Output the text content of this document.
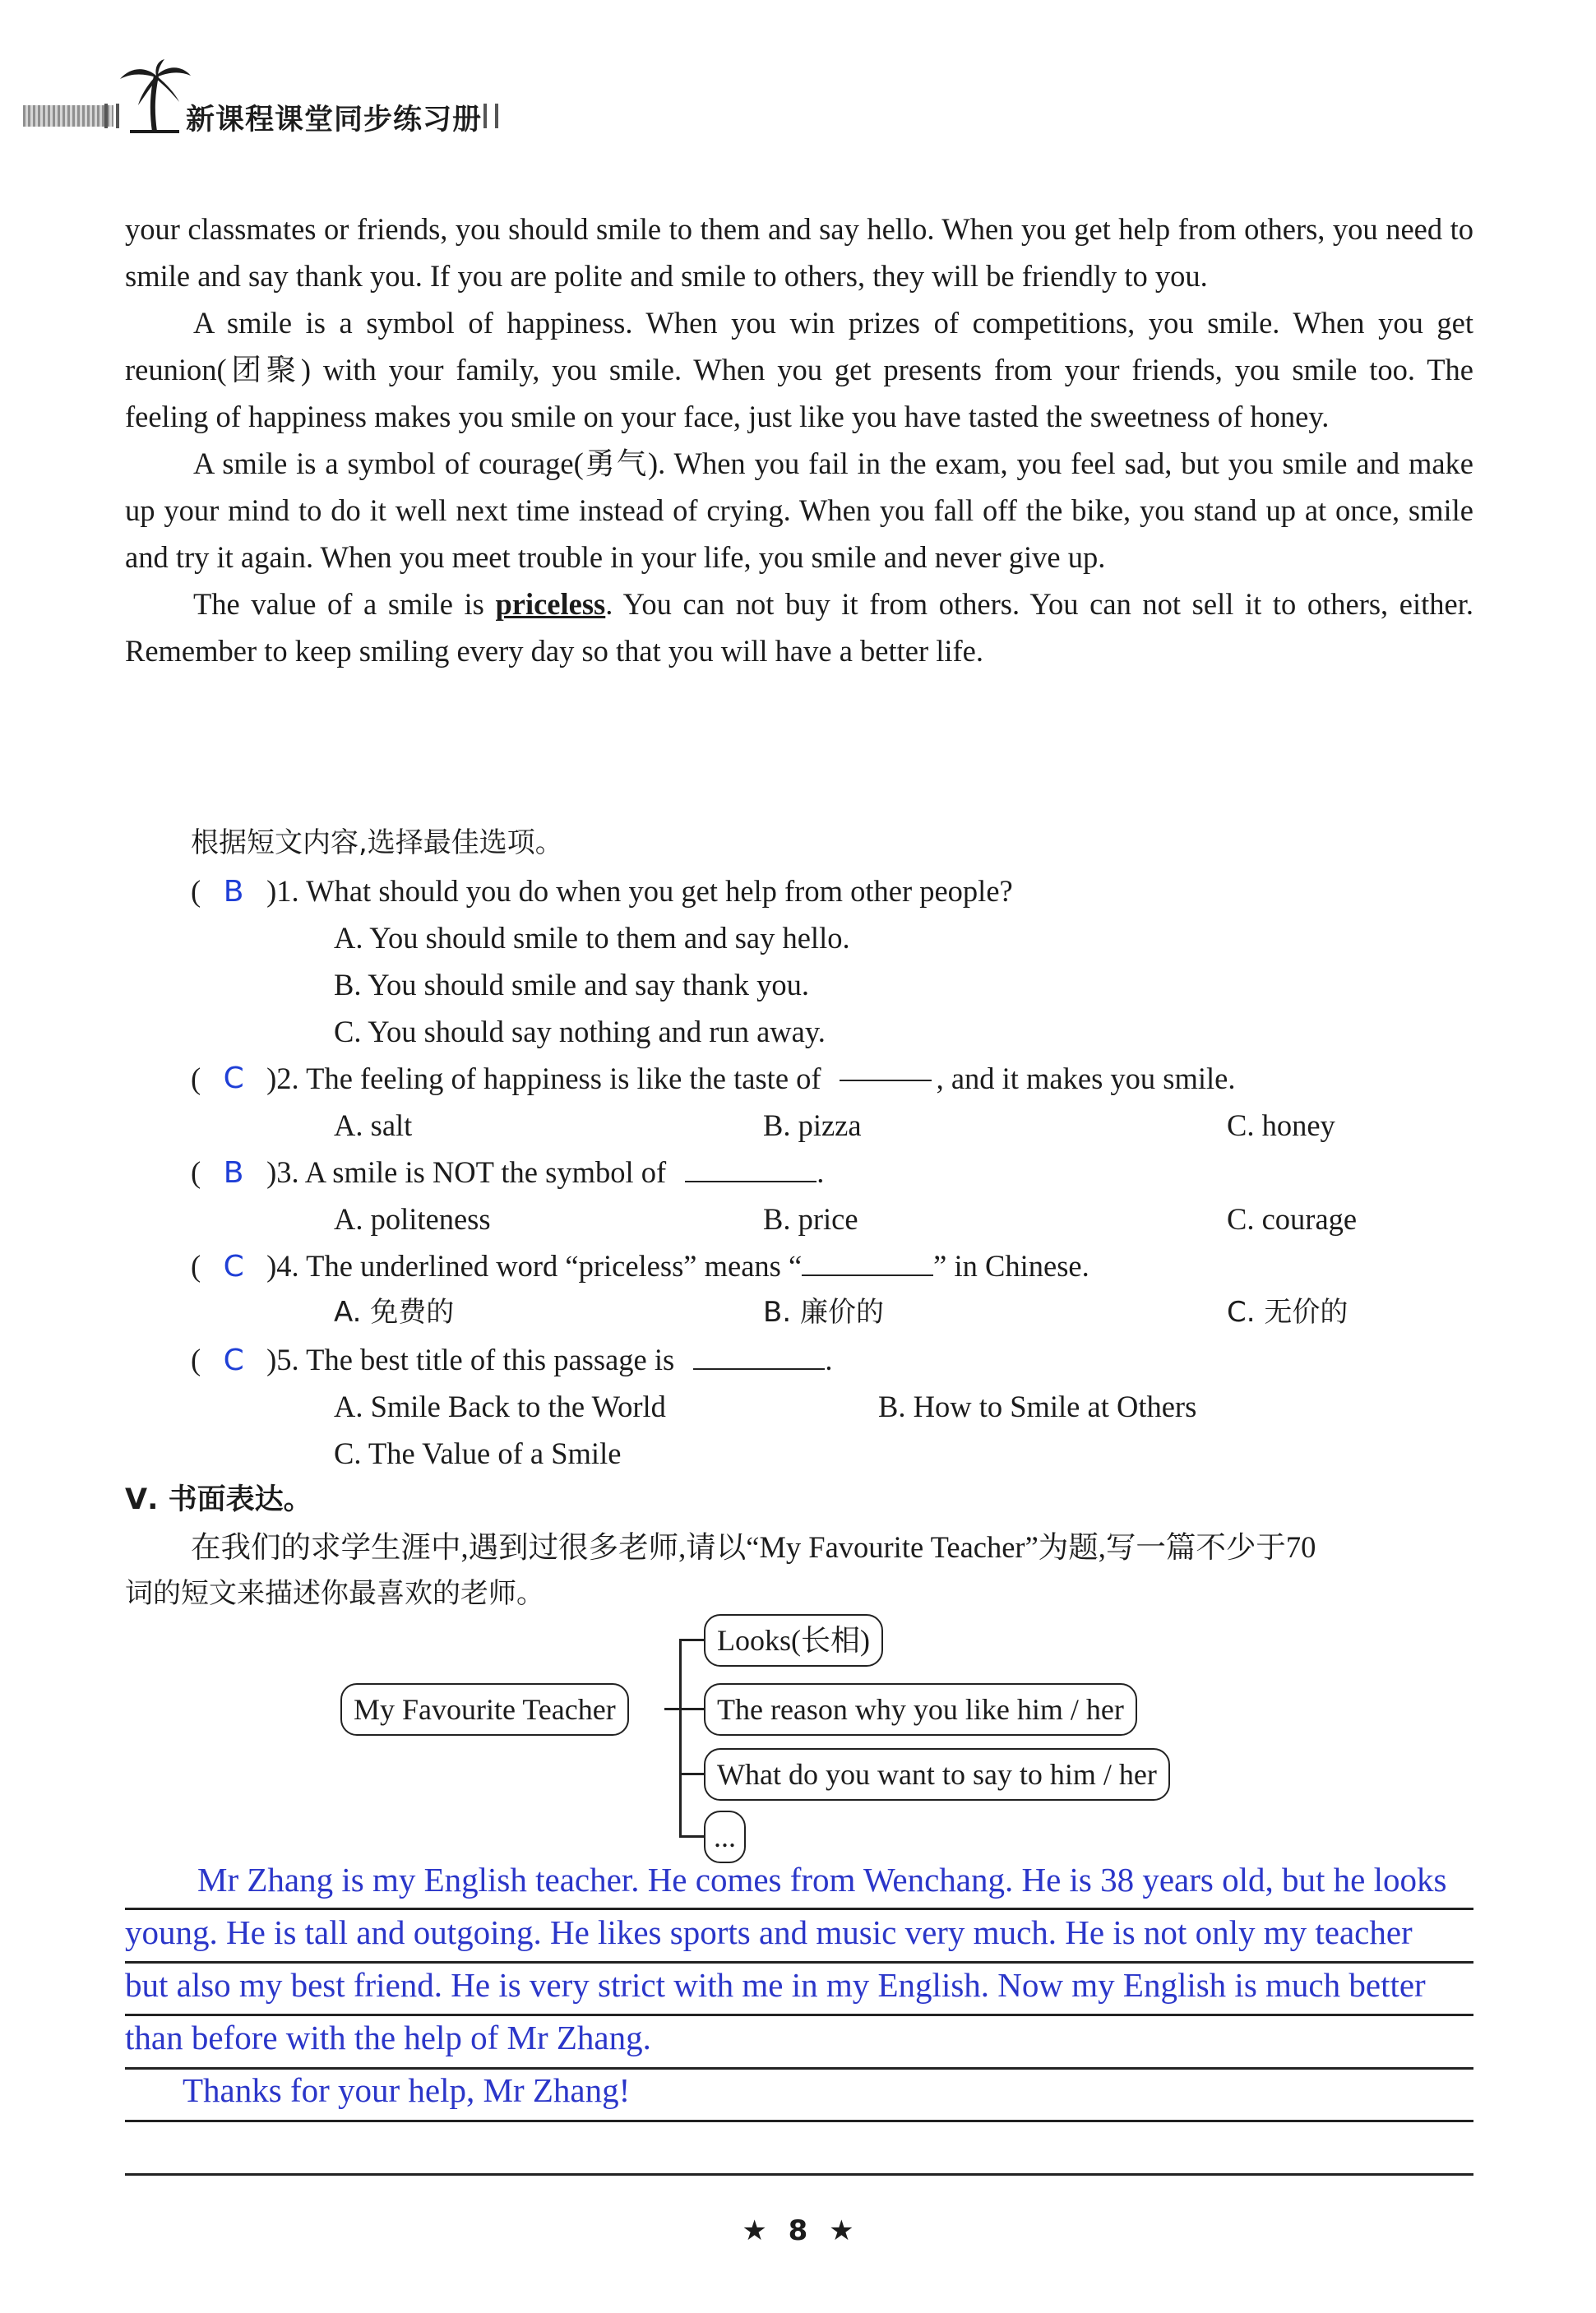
新课程课堂同步练习册

your classmates or friends, you should smile to them and say hello. When you get help from others, you need to smile and say thank you. If you are polite and smile to others, they will be friendly to you.

A smile is a symbol of happiness. When you win prizes of competitions, you smile. When you get reunion(团聚) with your family, you smile. When you get presents from your friends, you smile too. The feeling of happiness makes you smile on your face, just like you have tasted the sweetness of honey.

A smile is a symbol of courage(勇气). When you fail in the exam, you feel sad, but you smile and make up your mind to do it well next time instead of crying. When you fall off the bike, you stand up at once, smile and try it again. When you meet trouble in your life, you smile and never give up.

The value of a smile is priceless. You can not buy it from others. You can not sell it to others, either. Remember to keep smiling every day so that you will have a better life.

根据短文内容,选择最佳选项。
( B )1. What should you do when you get help from other people?
A. You should smile to them and say hello.
B. You should smile and say thank you.
C. You should say nothing and run away.
( C )2. The feeling of happiness is like the taste of	, and it makes you smile.
A. salt	B. pizza	C. honey
( B )3. A smile is NOT the symbol of	.
A. politeness	B. price	C. courage
( C )4. The underlined word “priceless” means “	” in Chinese.
A. 免费的	B. 廉价的	C. 无价的
( C )5. The best title of this passage is	.
A. Smile Back to the World	B. How to Smile at Others
C. The Value of a Smile
Ⅴ. 书面表达。
在我们的求学生涯中,遇到过很多老师,请以“My Favourite Teacher”为题,写一篇不少于70
词的短文来描述你最喜欢的老师。
My Favourite Teacher
Looks(长相)
The reason why you like him / her
What do you want to say to him / her
...
Mr Zhang is my English teacher. He comes from Wenchang. He is 38 years old, but he looks
young. He is tall and outgoing. He likes sports and music very much. He is not only my teacher
but also my best friend. He is very strict with me in my English. Now my English is much better
than before with the help of Mr Zhang.
Thanks for your help, Mr Zhang!
★ 8 ★
